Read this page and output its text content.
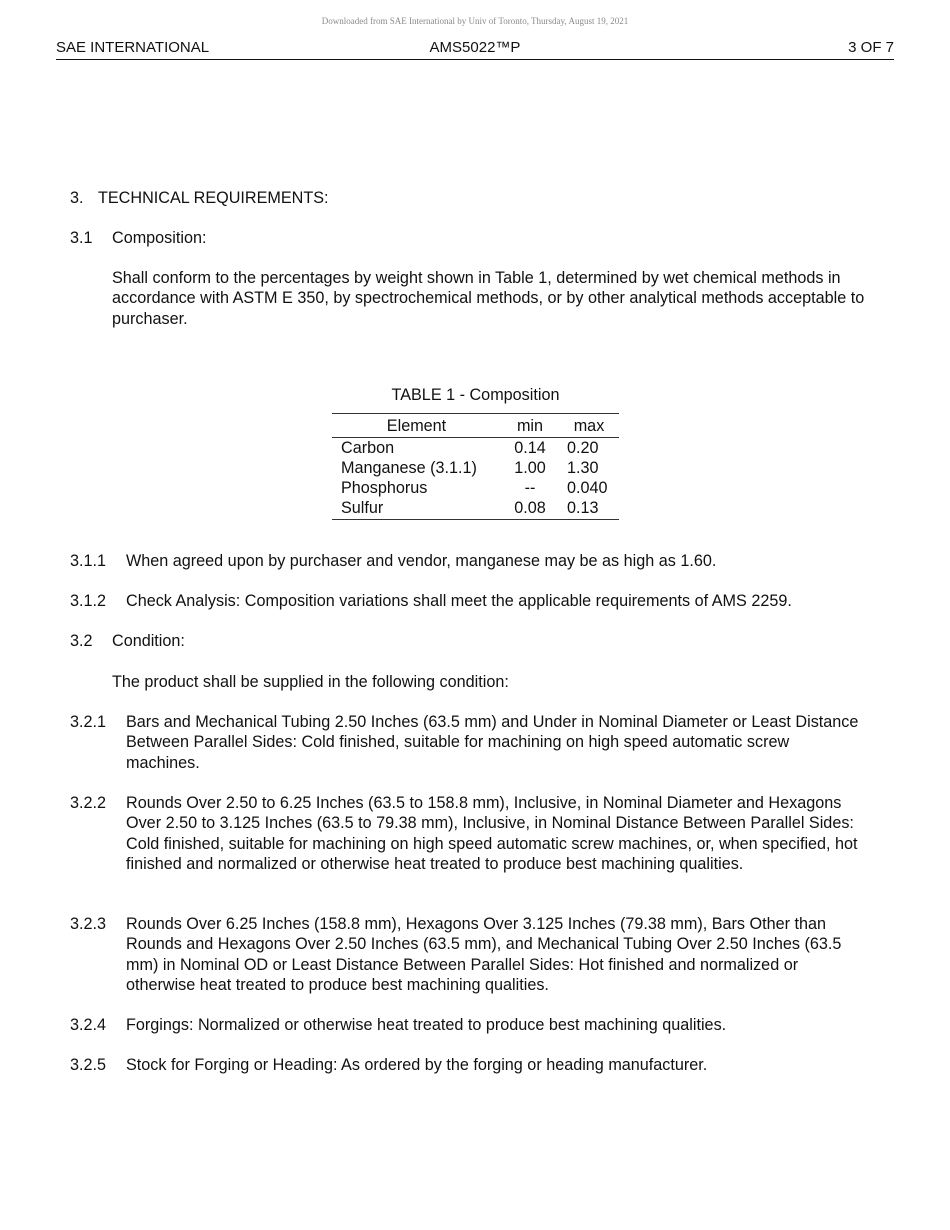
Downloaded from SAE International by Univ of Toronto, Thursday, August 19, 2021
SAE INTERNATIONAL	AMS5022™P	3 OF 7
3. TECHNICAL REQUIREMENTS:
3.1 Composition:

Shall conform to the percentages by weight shown in Table 1, determined by wet chemical methods in accordance with ASTM E 350, by spectrochemical methods, or by other analytical methods acceptable to purchaser.

TABLE 1 - Composition
Element	min	max
Carbon	0.14	0.20
Manganese (3.1.1)	1.00	1.30
Phosphorus	--	0.040
Sulfur	0.08	0.13
3.1.1 When agreed upon by purchaser and vendor, manganese may be as high as 1.60.
3.1.2 Check Analysis: Composition variations shall meet the applicable requirements of AMS 2259.
3.2 Condition:

The product shall be supplied in the following condition:

3.2.1 Bars and Mechanical Tubing 2.50 Inches (63.5 mm) and Under in Nominal Diameter or Least Distance Between Parallel Sides: Cold finished, suitable for machining on high speed automatic screw machines.
3.2.2 Rounds Over 2.50 to 6.25 Inches (63.5 to 158.8 mm), Inclusive, in Nominal Diameter and Hexagons Over 2.50 to 3.125 Inches (63.5 to 79.38 mm), Inclusive, in Nominal Distance Between Parallel Sides: Cold finished, suitable for machining on high speed automatic screw machines, or, when specified, hot finished and normalized or otherwise heat treated to produce best machining qualities.
3.2.3 Rounds Over 6.25 Inches (158.8 mm), Hexagons Over 3.125 Inches (79.38 mm), Bars Other than Rounds and Hexagons Over 2.50 Inches (63.5 mm), and Mechanical Tubing Over 2.50 Inches (63.5 mm) in Nominal OD or Least Distance Between Parallel Sides: Hot finished and normalized or otherwise heat treated to produce best machining qualities.
3.2.4 Forgings: Normalized or otherwise heat treated to produce best machining qualities.
3.2.5 Stock for Forging or Heading: As ordered by the forging or heading manufacturer.
